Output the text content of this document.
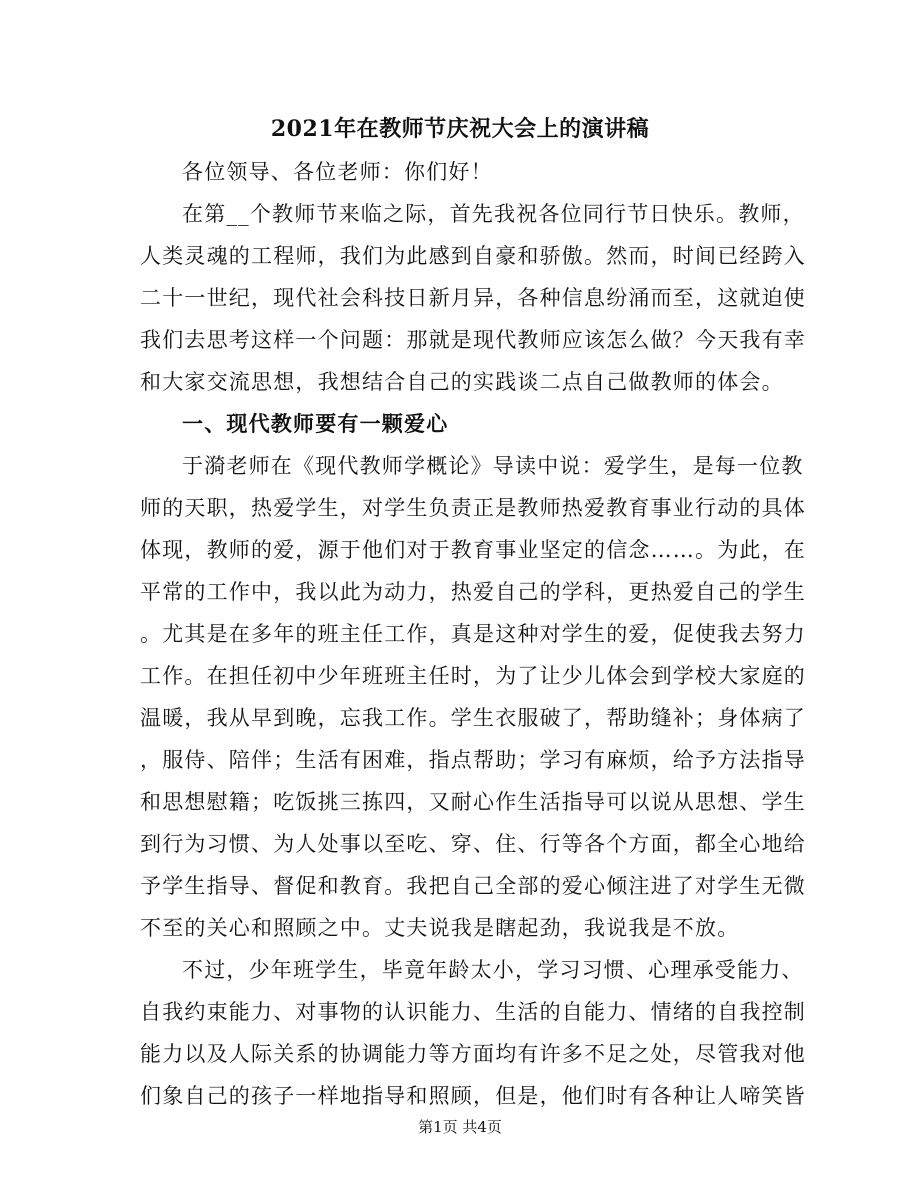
2021年在教师节庆祝大会上的演讲稿
各位领导、各位老师：你们好！
在第__个教师节来临之际，首先我祝各位同行节日快乐。教师，
人类灵魂的工程师，我们为此感到自豪和骄傲。然而，时间已经跨入
二十一世纪，现代社会科技日新月异，各种信息纷涌而至，这就迫使
我们去思考这样一个问题：那就是现代教师应该怎么做？今天我有幸
和大家交流思想，我想结合自己的实践谈二点自己做教师的体会。
一、现代教师要有一颗爱心
于漪老师在《现代教师学概论》导读中说：爱学生，是每一位教
师的天职，热爱学生，对学生负责正是教师热爱教育事业行动的具体
体现，教师的爱，源于他们对于教育事业坚定的信念……。为此，在
平常的工作中，我以此为动力，热爱自己的学科，更热爱自己的学生
。尤其是在多年的班主任工作，真是这种对学生的爱，促使我去努力
工作。在担任初中少年班班主任时，为了让少儿体会到学校大家庭的
温暖，我从早到晚，忘我工作。学生衣服破了，帮助缝补；身体病了
，服侍、陪伴；生活有困难，指点帮助；学习有麻烦，给予方法指导
和思想慰籍；吃饭挑三拣四，又耐心作生活指导可以说从思想、学生
到行为习惯、为人处事以至吃、穿、住、行等各个方面，都全心地给
予学生指导、督促和教育。我把自己全部的爱心倾注进了对学生无微
不至的关心和照顾之中。丈夫说我是瞎起劲，我说我是不放。
不过，少年班学生，毕竟年龄太小，学习习惯、心理承受能力、
自我约束能力、对事物的认识能力、生活的自能力、情绪的自我控制
能力以及人际关系的协调能力等方面均有许多不足之处，尽管我对他
们象自己的孩子一样地指导和照顾，但是，他们时有各种让人啼笑皆
第1页 共4页
